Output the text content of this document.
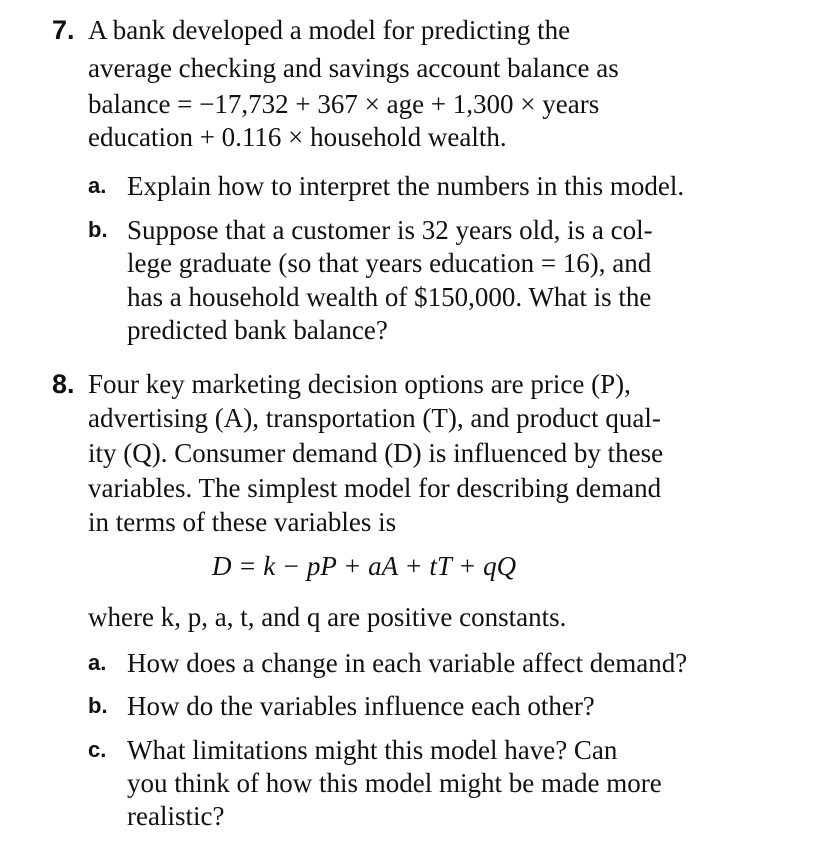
7. A bank developed a model for predicting the
average checking and savings account balance as
balance = −17,732 + 367 × age + 1,300 × years
education + 0.116 × household wealth.
a. Explain how to interpret the numbers in this model.
b. Suppose that a customer is 32 years old, is a col-
lege graduate (so that years education = 16), and
has a household wealth of $150,000. What is the
predicted bank balance?
8. Four key marketing decision options are price (P),
advertising (A), transportation (T), and product qual-
ity (Q). Consumer demand (D) is influenced by these
variables. The simplest model for describing demand
in terms of these variables is
D = k − pP + aA + tT + qQ
where k, p, a, t, and q are positive constants.
a. How does a change in each variable affect demand?
b. How do the variables influence each other?
c. What limitations might this model have? Can
you think of how this model might be made more
realistic?
